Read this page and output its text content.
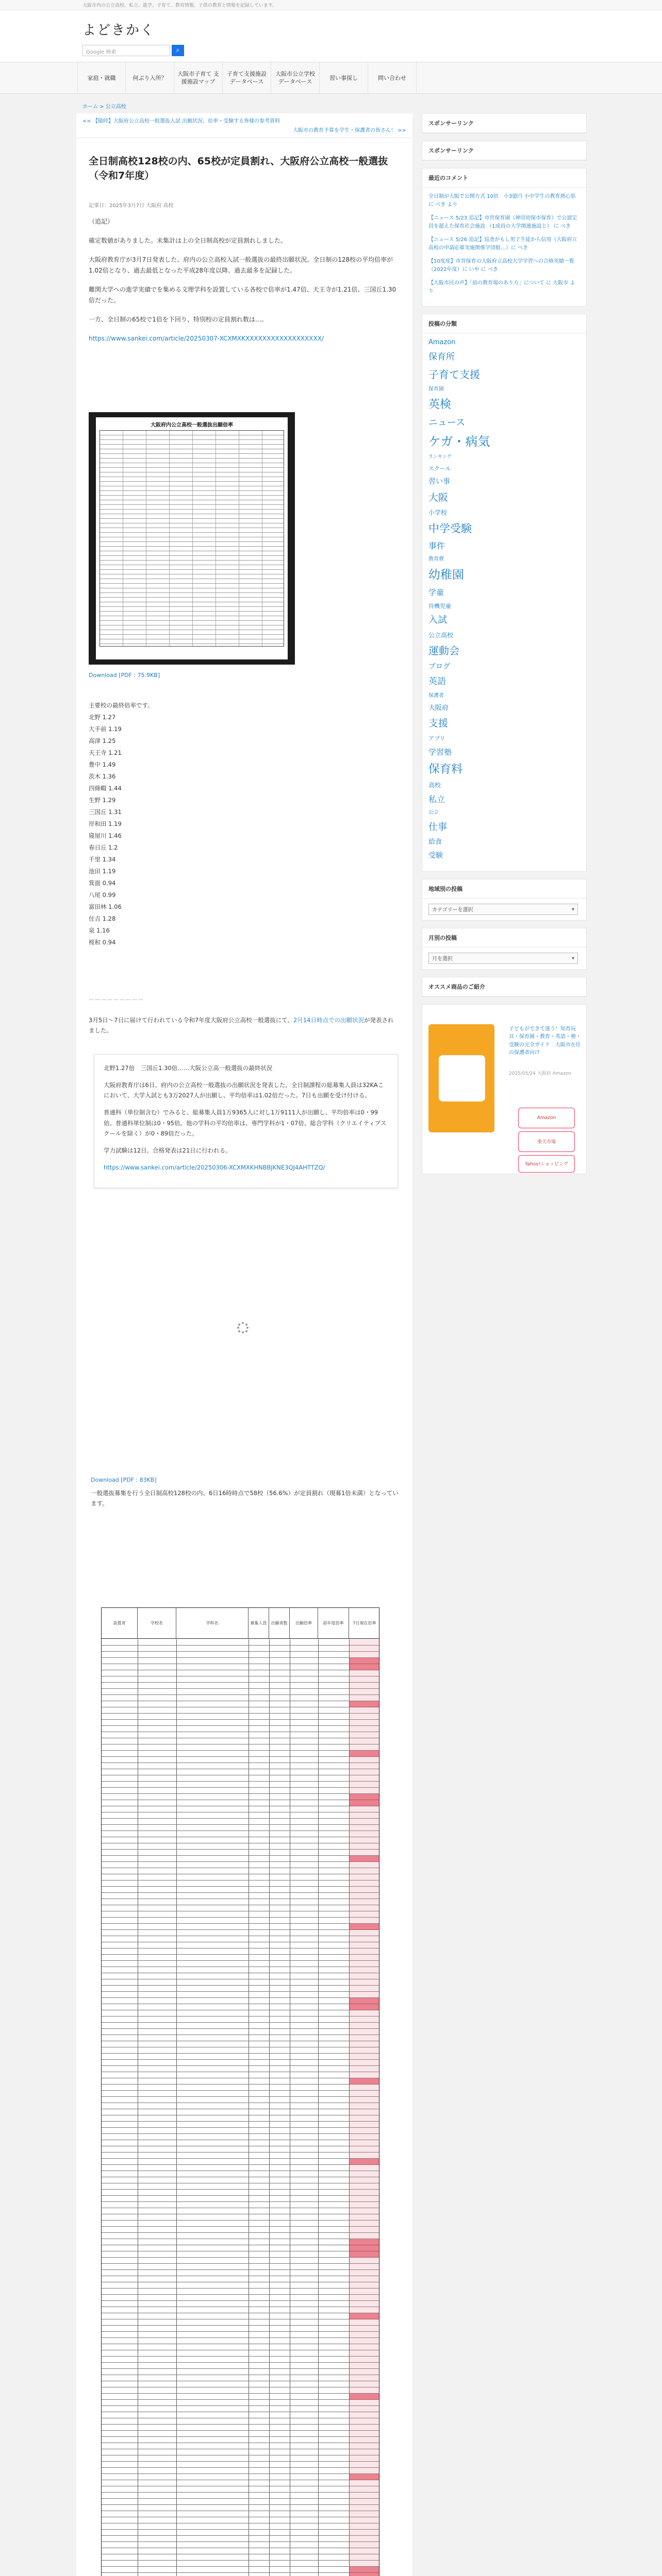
大阪市内の公立高校、私立、進学、子育て、教育情報、子供の教育と情報を記録しています。
よどきかく
Google 検索	⌕
家庭・就職	何ぶり入所？
大阪市子育て 支援施設マップ
子育て支援施設 データベース
大阪市公立学校 データベース
習い事探し	問い合わせ
ホーム > 公立高校
<< 【随時】大阪府公立高校一般選抜入試 出願状況、倍率・受験する皆様の参考資料
大阪市の教育予算を学生・保護者の皆さん！ >>
全日制高校128校の内、65校が定員割れ、大阪府公立高校一般選抜（令和7年度）
記事日：2025年3月7日 大阪府 高校

（追記）

確定数値がありました。未集計は上の全日制高校が定員割れしました。

大阪府教育庁が3月7日発表した、府内の公立高校入試一般選抜の最終出願状況。全日制の128校の平均倍率が1.02倍となり、過去最低となった平成28年度以降、過去最多を記録した。

難関大学への進学実績でを集める文理学科を設置している各校で倍率が1.47倍、天王寺が1.21倍、三国丘1.30倍だった。

一方、全日制の65校で1倍を下回り、特別校の定員割れ数は…。

https://www.sankei.com/article/20250307-XCXMXKXXXXXXXXXXXXXXXXXX/

大阪府内公立高校一般選抜出願倍率
Download [PDF : 75.9KB]
主要校の最終倍率です。
北野 1.27
大手前 1.19
高津 1.25
天王寺 1.21
豊中 1.49
茨木 1.36
四條畷 1.44
生野 1.29
三国丘 1.31
岸和田 1.19
寝屋川 1.46
春日丘 1.2
千里 1.34
池田 1.19
箕面 0.94
八尾 0.99
富田林 1.06
住吉 1.28
泉 1.16
桜和 0.94
ーーーーーーーーー
3月5日～7日に届けて行われている令和7年度大阪府公立高校一般選抜にて、2月14日時点での出願状況が発表されました。

北野1.27倍　三国丘1.30倍……大阪公立高一般選抜の最終状況

大阪府教育庁は6日、府内の公立高校一般選抜の出願状況を発表した。全日制課程の総募集人員は32KAこにおいて、大学入試とも3万2027人が出願し、平均倍率は1.02倍だった。7日も出願を受け付ける。

普通科（単位制含む）でみると、総募集人員1万9365人に対し1万9111人が出願し、平均倍率は0・99倍。普通科単位制は0・95倍。他の学科の平均倍率は、専門学科が1・07倍、総合学科（クリエイティブスクールを除く）が0・89倍だった。

学力試験は12日。合格発表は21日に行われる。

https://www.sankei.com/article/20250306-XCXMXKHNBBJKNE3QJ4AHTTZQ/

Download [PDF : 83KB]
一般選抜募集を行う全日制高校128校の内、6日16時時点で58校（56.6%）が定員割れ（現募1倍未満）となっています。
設置者	学校名	学科名	募集人員	出願者数	出願倍率	前年度倍率	7日現在倍率
スポンサーリンク
スポンサーリンク
最近のコメント
全日制が大阪で公開方式 10倍　小3億円 小中学生の教育熱心県 に べき より
【ニュース 5/23 追記】市営保育園（神田幼保市保育）で公認定員を超えた保育社会施設 （1成員の大学関連施設と） に べき
【ニュース 5/26 追記】巡査がもし男子生徒から信用（大阪府立高校の申請応募実施関係学団組…）に べき
【10度度】市営保育の大阪府立高校大学学習ヘの合格実績一覧（2022年度）に いや に べき
【大阪市民の声】「前の教育場のあり方」について に 大阪市 より
投稿の分類
Amazon
保育所
子育て支援
保育園
英検
ニュース
ケガ・病気
ランキング
スクール
習い事
大阪
小学校
中学受験
事件
教育費
幼稚園
学童
待機児童
入試
公立高校
運動会
ブログ
英語
保護者
大阪府
支援
アプリ
学習塾
保育料
高校
私立
公立
仕事
給食
受験
地域別の投稿
カテゴリーを選択 ▾
月別の投稿
月を選択 ▾
オススメ商品のご紹介
子どもができて迷う！知育玩具・保育園・教育・英語・塾・受験の完全ガイド　大阪市在住の保護者向け
2025/05/24 大阪府 Amazon
Amazon
楽天市場
Yahoo!ショッピング
